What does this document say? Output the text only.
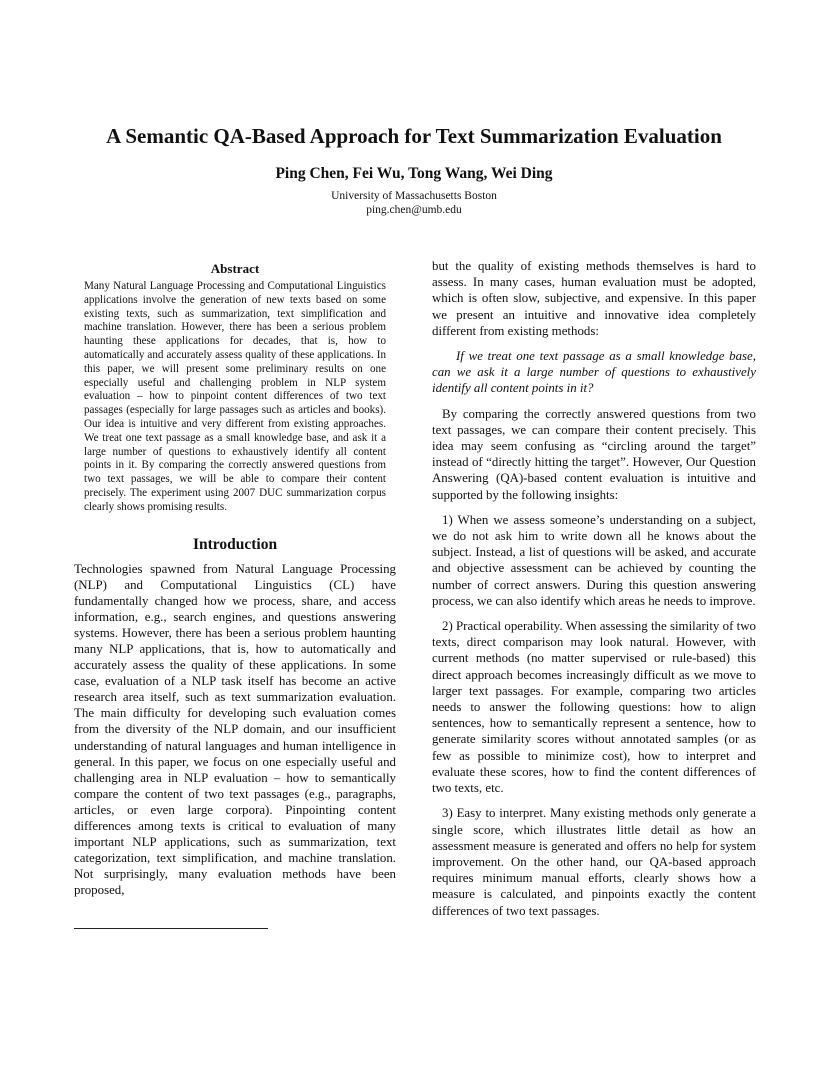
A Semantic QA-Based Approach for Text Summarization Evaluation
Ping Chen, Fei Wu, Tong Wang, Wei Ding
University of Massachusetts Boston
ping.chen@umb.edu
Abstract

Many Natural Language Processing and Computational Linguistics applications involve the generation of new texts based on some existing texts, such as summarization, text simplification and machine translation. However, there has been a serious problem haunting these applications for decades, that is, how to automatically and accurately assess quality of these applications. In this paper, we will present some preliminary results on one especially useful and challenging problem in NLP system evaluation – how to pinpoint content differences of two text passages (especially for large passages such as articles and books). Our idea is intuitive and very different from existing approaches. We treat one text passage as a small knowledge base, and ask it a large number of questions to exhaustively identify all content points in it. By comparing the correctly answered questions from two text passages, we will be able to compare their content precisely. The experiment using 2007 DUC summarization corpus clearly shows promising results.

Introduction

Technologies spawned from Natural Language Processing (NLP) and Computational Linguistics (CL) have fundamentally changed how we process, share, and access information, e.g., search engines, and questions answering systems. However, there has been a serious problem haunting many NLP applications, that is, how to automatically and accurately assess the quality of these applications. In some case, evaluation of a NLP task itself has become an active research area itself, such as text summarization evaluation. The main difficulty for developing such evaluation comes from the diversity of the NLP domain, and our insufficient understanding of natural languages and human intelligence in general. In this paper, we focus on one especially useful and challenging area in NLP evaluation – how to semantically compare the content of two text passages (e.g., paragraphs, articles, or even large corpora). Pinpointing content differences among texts is critical to evaluation of many important NLP applications, such as summarization, text categorization, text simplification, and machine translation. Not surprisingly, many evaluation methods have been proposed,

but the quality of existing methods themselves is hard to assess. In many cases, human evaluation must be adopted, which is often slow, subjective, and expensive. In this paper we present an intuitive and innovative idea completely different from existing methods:

If we treat one text passage as a small knowledge base, can we ask it a large number of questions to exhaustively identify all content points in it?

By comparing the correctly answered questions from two text passages, we can compare their content precisely. This idea may seem confusing as “circling around the target” instead of “directly hitting the target”. However, Our Question Answering (QA)-based content evaluation is intuitive and supported by the following insights:

1) When we assess someone’s understanding on a subject, we do not ask him to write down all he knows about the subject. Instead, a list of questions will be asked, and accurate and objective assessment can be achieved by counting the number of correct answers. During this question answering process, we can also identify which areas he needs to improve.

2) Practical operability. When assessing the similarity of two texts, direct comparison may look natural. However, with current methods (no matter supervised or rule-based) this direct approach becomes increasingly difficult as we move to larger text passages. For example, comparing two articles needs to answer the following questions: how to align sentences, how to semantically represent a sentence, how to generate similarity scores without annotated samples (or as few as possible to minimize cost), how to interpret and evaluate these scores, how to find the content differences of two texts, etc.

3) Easy to interpret. Many existing methods only generate a single score, which illustrates little detail as how an assessment measure is generated and offers no help for system improvement. On the other hand, our QA-based approach requires minimum manual efforts, clearly shows how a measure is calculated, and pinpoints exactly the content differences of two text passages.
